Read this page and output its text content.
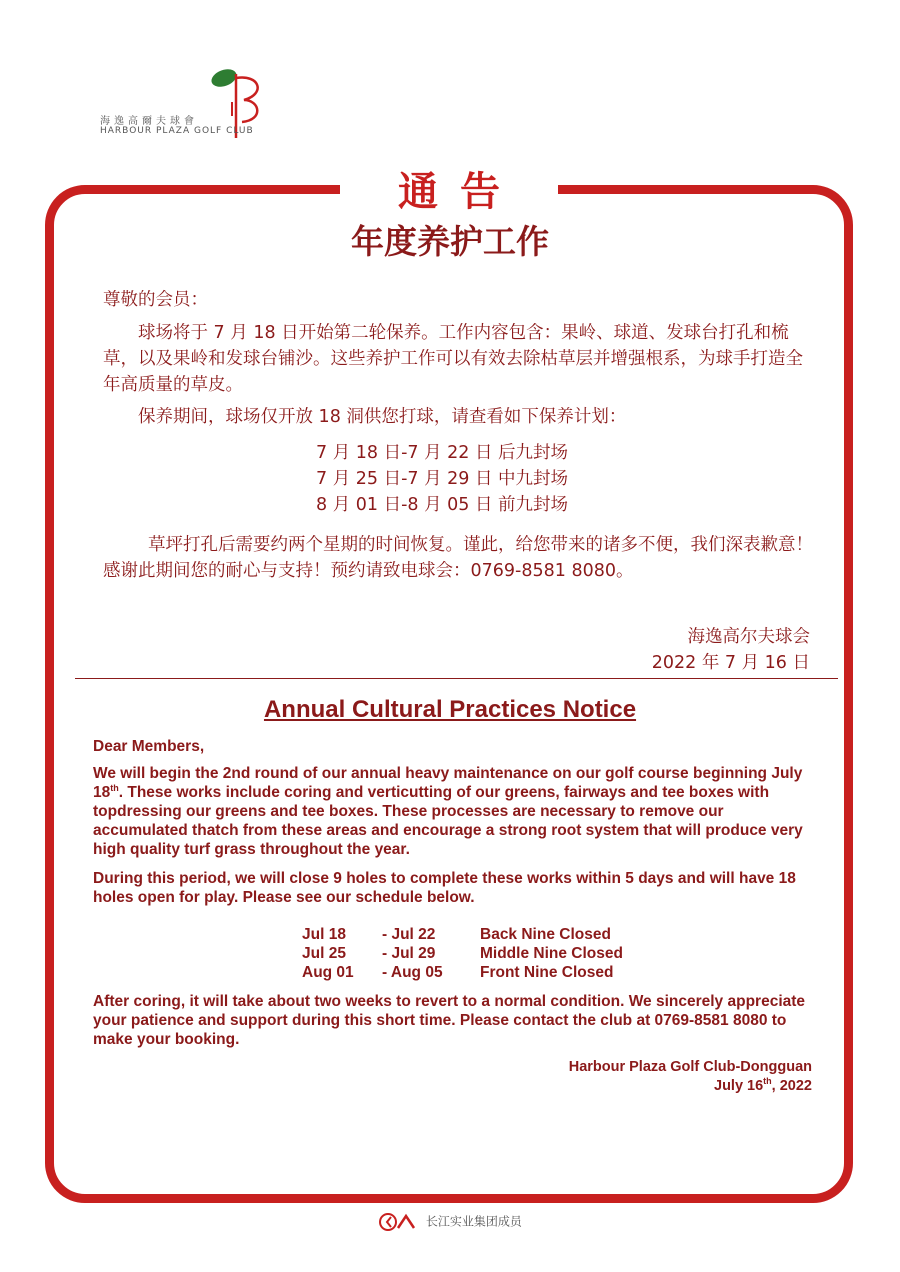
海逸高爾夫球會
HARBOUR PLAZA GOLF CLUB
通告
年度养护工作
尊敬的会员：

球场将于 7 月 18 日开始第二轮保养。工作内容包含：果岭、球道、发球台打孔和梳草，以及果岭和发球台铺沙。这些养护工作可以有效去除枯草层并增强根系，为球手打造全年高质量的草皮。

保养期间，球场仅开放 18 洞供您打球，请查看如下保养计划：

7 月 18 日-7 月 22 日 后九封场
7 月 25 日-7 月 29 日 中九封场
8 月 01 日-8 月 05 日 前九封场

草坪打孔后需要约两个星期的时间恢复。谨此，给您带来的诸多不便，我们深表歉意！感谢此期间您的耐心与支持！预约请致电球会：0769-8581 8080。

海逸高尔夫球会
2022 年 7 月 16 日
Annual Cultural Practices Notice

Dear Members,

We will begin the 2nd round of our annual heavy maintenance on our golf course beginning July 18th. These works include coring and verticutting of our greens, fairways and tee boxes with topdressing our greens and tee boxes. These processes are necessary to remove our accumulated thatch from these areas and encourage a strong root system that will produce very high quality turf grass throughout the year.

During this period, we will close 9 holes to complete these works within 5 days and will have 18 holes open for play. Please see our schedule below.

Jul 18 - Jul 22	Back Nine Closed
Jul 25 - Jul 29	Middle Nine Closed
Aug 01 - Aug 05 Front Nine Closed

After coring, it will take about two weeks to revert to a normal condition. We sincerely appreciate your patience and support during this short time. Please contact the club at 0769-8581 8080 to make your booking.

Harbour Plaza Golf Club-Dongguan
July 16th, 2022
长江实业集团成员
